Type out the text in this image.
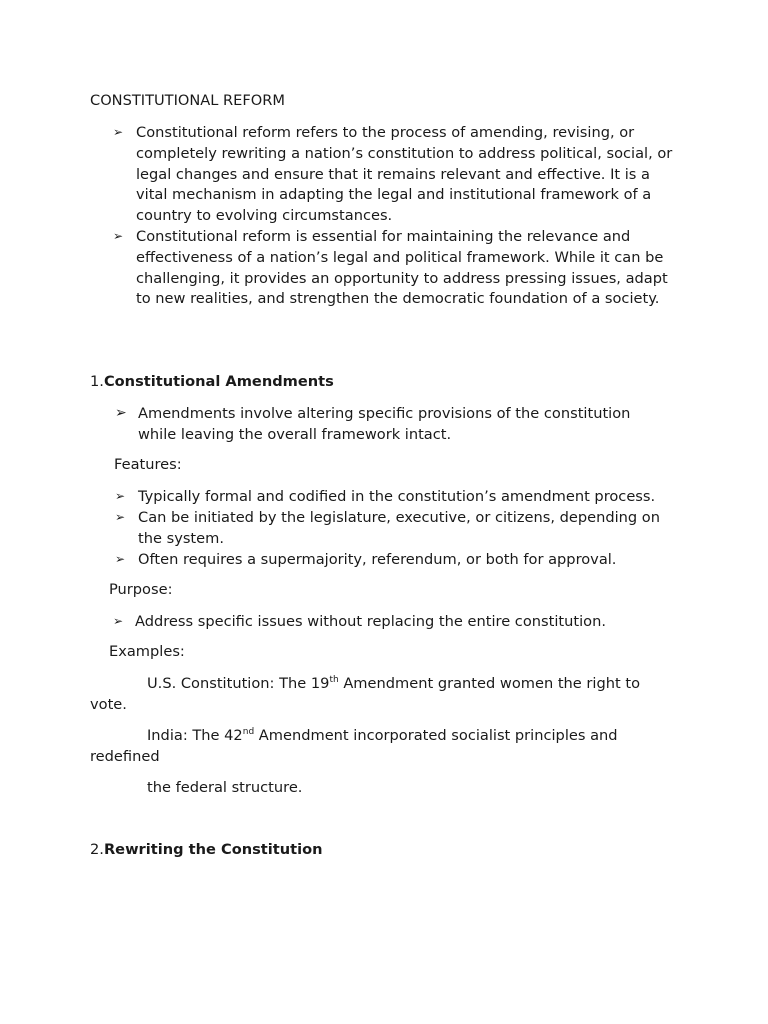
CONSTITUTIONAL REFORM
➢ Constitutional reform refers to the process of amending, revising, or completely rewriting a nation’s constitution to address political, social, or legal changes and ensure that it remains relevant and effective. It is a vital mechanism in adapting the legal and institutional framework of a country to evolving circumstances.
➢ Constitutional reform is essential for maintaining the relevance and effectiveness of a nation’s legal and political framework. While it can be challenging, it provides an opportunity to address pressing issues, adapt to new realities, and strengthen the democratic foundation of a society.
1.Constitutional Amendments
➢ Amendments involve altering specific provisions of the constitution while leaving the overall framework intact.
Features:
➢ Typically formal and codified in the constitution’s amendment process.
➢ Can be initiated by the legislature, executive, or citizens, depending on the system.
➢ Often requires a supermajority, referendum, or both for approval.
Purpose:
➢ Address specific issues without replacing the entire constitution.
Examples:
U.S. Constitution: The 19th Amendment granted women the right to
vote.
India: The 42nd Amendment incorporated socialist principles and
redefined
the federal structure.
2.Rewriting the Constitution
